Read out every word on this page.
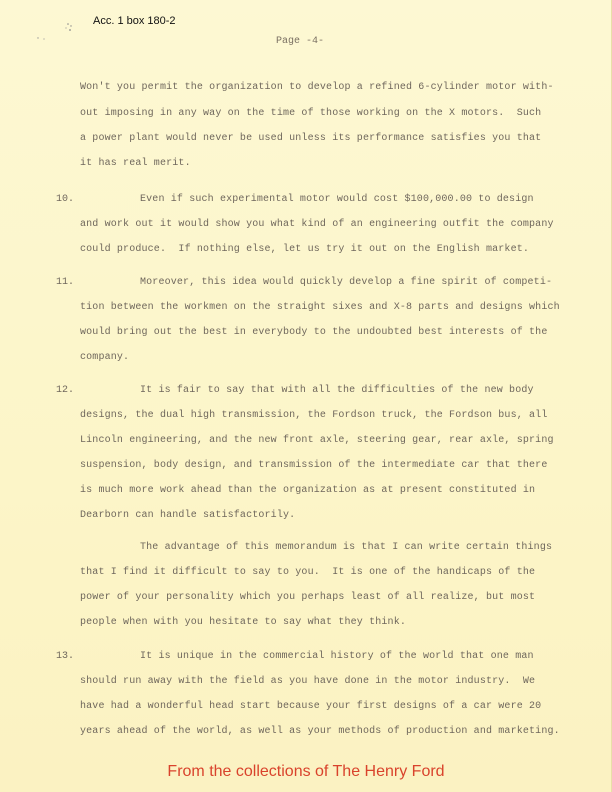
Acc. 1 box 180-2
Page -4-
Won't you permit the organization to develop a refined 6-cylinder motor with-
out imposing in any way on the time of those working on the X motors.  Such
a power plant would never be used unless its performance satisfies you that
it has real merit.
10.	Even if such experimental motor would cost $100,000.00 to design
and work out it would show you what kind of an engineering outfit the company
could produce.  If nothing else, let us try it out on the English market.
11.	Moreover, this idea would quickly develop a fine spirit of competi-
tion between the workmen on the straight sixes and X-8 parts and designs which
would bring out the best in everybody to the undoubted best interests of the
company.
12.	It is fair to say that with all the difficulties of the new body
designs, the dual high transmission, the Fordson truck, the Fordson bus, all
Lincoln engineering, and the new front axle, steering gear, rear axle, spring
suspension, body design, and transmission of the intermediate car that there
is much more work ahead than the organization as at present constituted in
Dearborn can handle satisfactorily.
The advantage of this memorandum is that I can write certain things
that I find it difficult to say to you.  It is one of the handicaps of the
power of your personality which you perhaps least of all realize, but most
people when with you hesitate to say what they think.
13.	It is unique in the commercial history of the world that one man
should run away with the field as you have done in the motor industry.  We
have had a wonderful head start because your first designs of a car were 20
years ahead of the world, as well as your methods of production and marketing.
From the collections of The Henry Ford
